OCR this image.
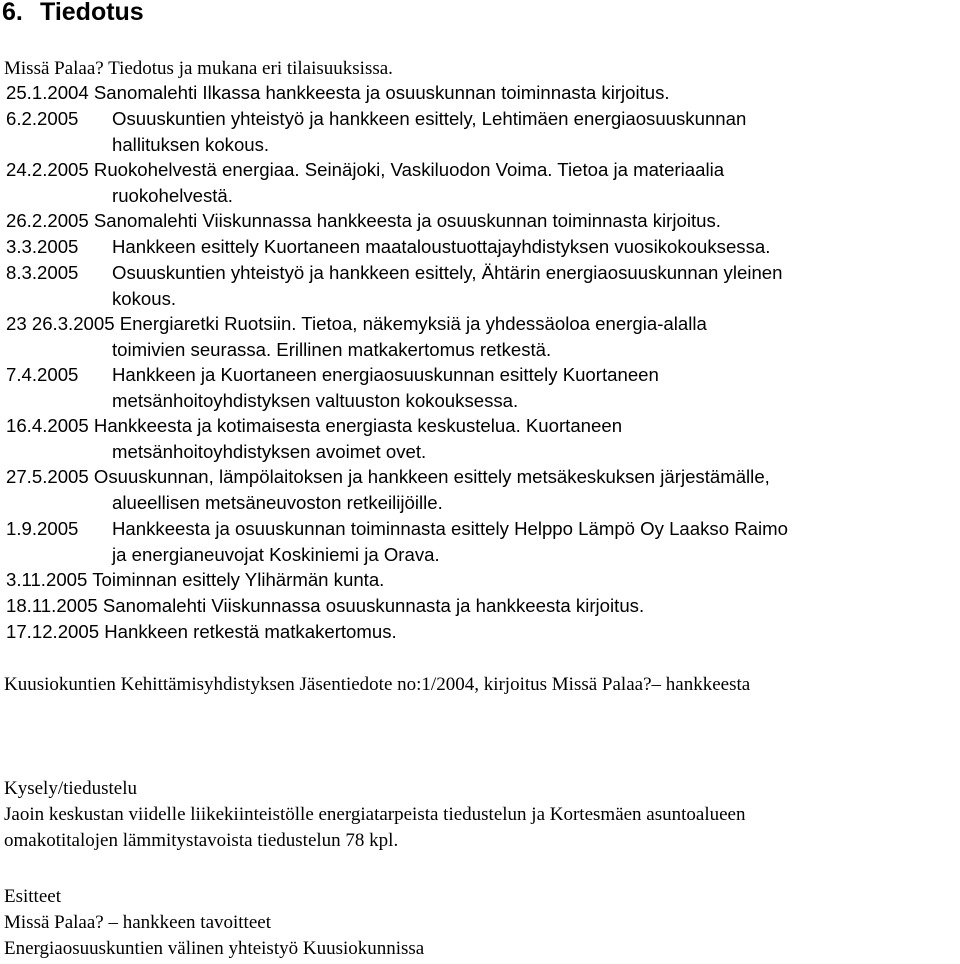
6. Tiedotus
Missä Palaa? Tiedotus ja mukana eri tilaisuuksissa.
25.1.2004 Sanomalehti Ilkassa hankkeesta ja osuuskunnan toiminnasta kirjoitus.
6.2.2005 Osuuskuntien yhteistyö ja hankkeen esittely, Lehtimäen energiaosuuskunnan
hallituksen kokous.
24.2.2005 Ruokohelvestä energiaa. Seinäjoki, Vaskiluodon Voima. Tietoa ja materiaalia
ruokohelvestä.
26.2.2005 Sanomalehti Viiskunnassa hankkeesta ja osuuskunnan toiminnasta kirjoitus.
3.3.2005 Hankkeen esittely Kuortaneen maataloustuottajayhdistyksen vuosikokouksessa.
8.3.2005 Osuuskuntien yhteistyö ja hankkeen esittely, Ähtärin energiaosuuskunnan yleinen
kokous.
23 26.3.2005 Energiaretki Ruotsiin. Tietoa, näkemyksiä ja yhdessäoloa energia-alalla
toimivien seurassa. Erillinen matkakertomus retkestä.
7.4.2005 Hankkeen ja Kuortaneen energiaosuuskunnan esittely Kuortaneen
metsänhoitoyhdistyksen valtuuston kokouksessa.
16.4.2005 Hankkeesta ja kotimaisesta energiasta keskustelua. Kuortaneen
metsänhoitoyhdistyksen avoimet ovet.
27.5.2005 Osuuskunnan, lämpölaitoksen ja hankkeen esittely metsäkeskuksen järjestämälle,
alueellisen metsäneuvoston retkeilijöille.
1.9.2005 Hankkeesta ja osuuskunnan toiminnasta esittely Helppo Lämpö Oy Laakso Raimo
ja energianeuvojat Koskiniemi ja Orava.
3.11.2005 Toiminnan esittely Ylihärmän kunta.
18.11.2005 Sanomalehti Viiskunnassa osuuskunnasta ja hankkeesta kirjoitus.
17.12.2005 Hankkeen retkestä matkakertomus.
Kuusiokuntien Kehittämisyhdistyksen Jäsentiedote no:1/2004, kirjoitus Missä Palaa?– hankkeesta
Kysely/tiedustelu
Jaoin keskustan viidelle liikekiinteistölle energiatarpeista tiedustelun ja Kortesmäen asuntoalueen
omakotitalojen lämmitystavoista tiedustelun 78 kpl.
Esitteet
Missä Palaa? – hankkeen tavoitteet
Energiaosuuskuntien välinen yhteistyö Kuusiokunnissa
